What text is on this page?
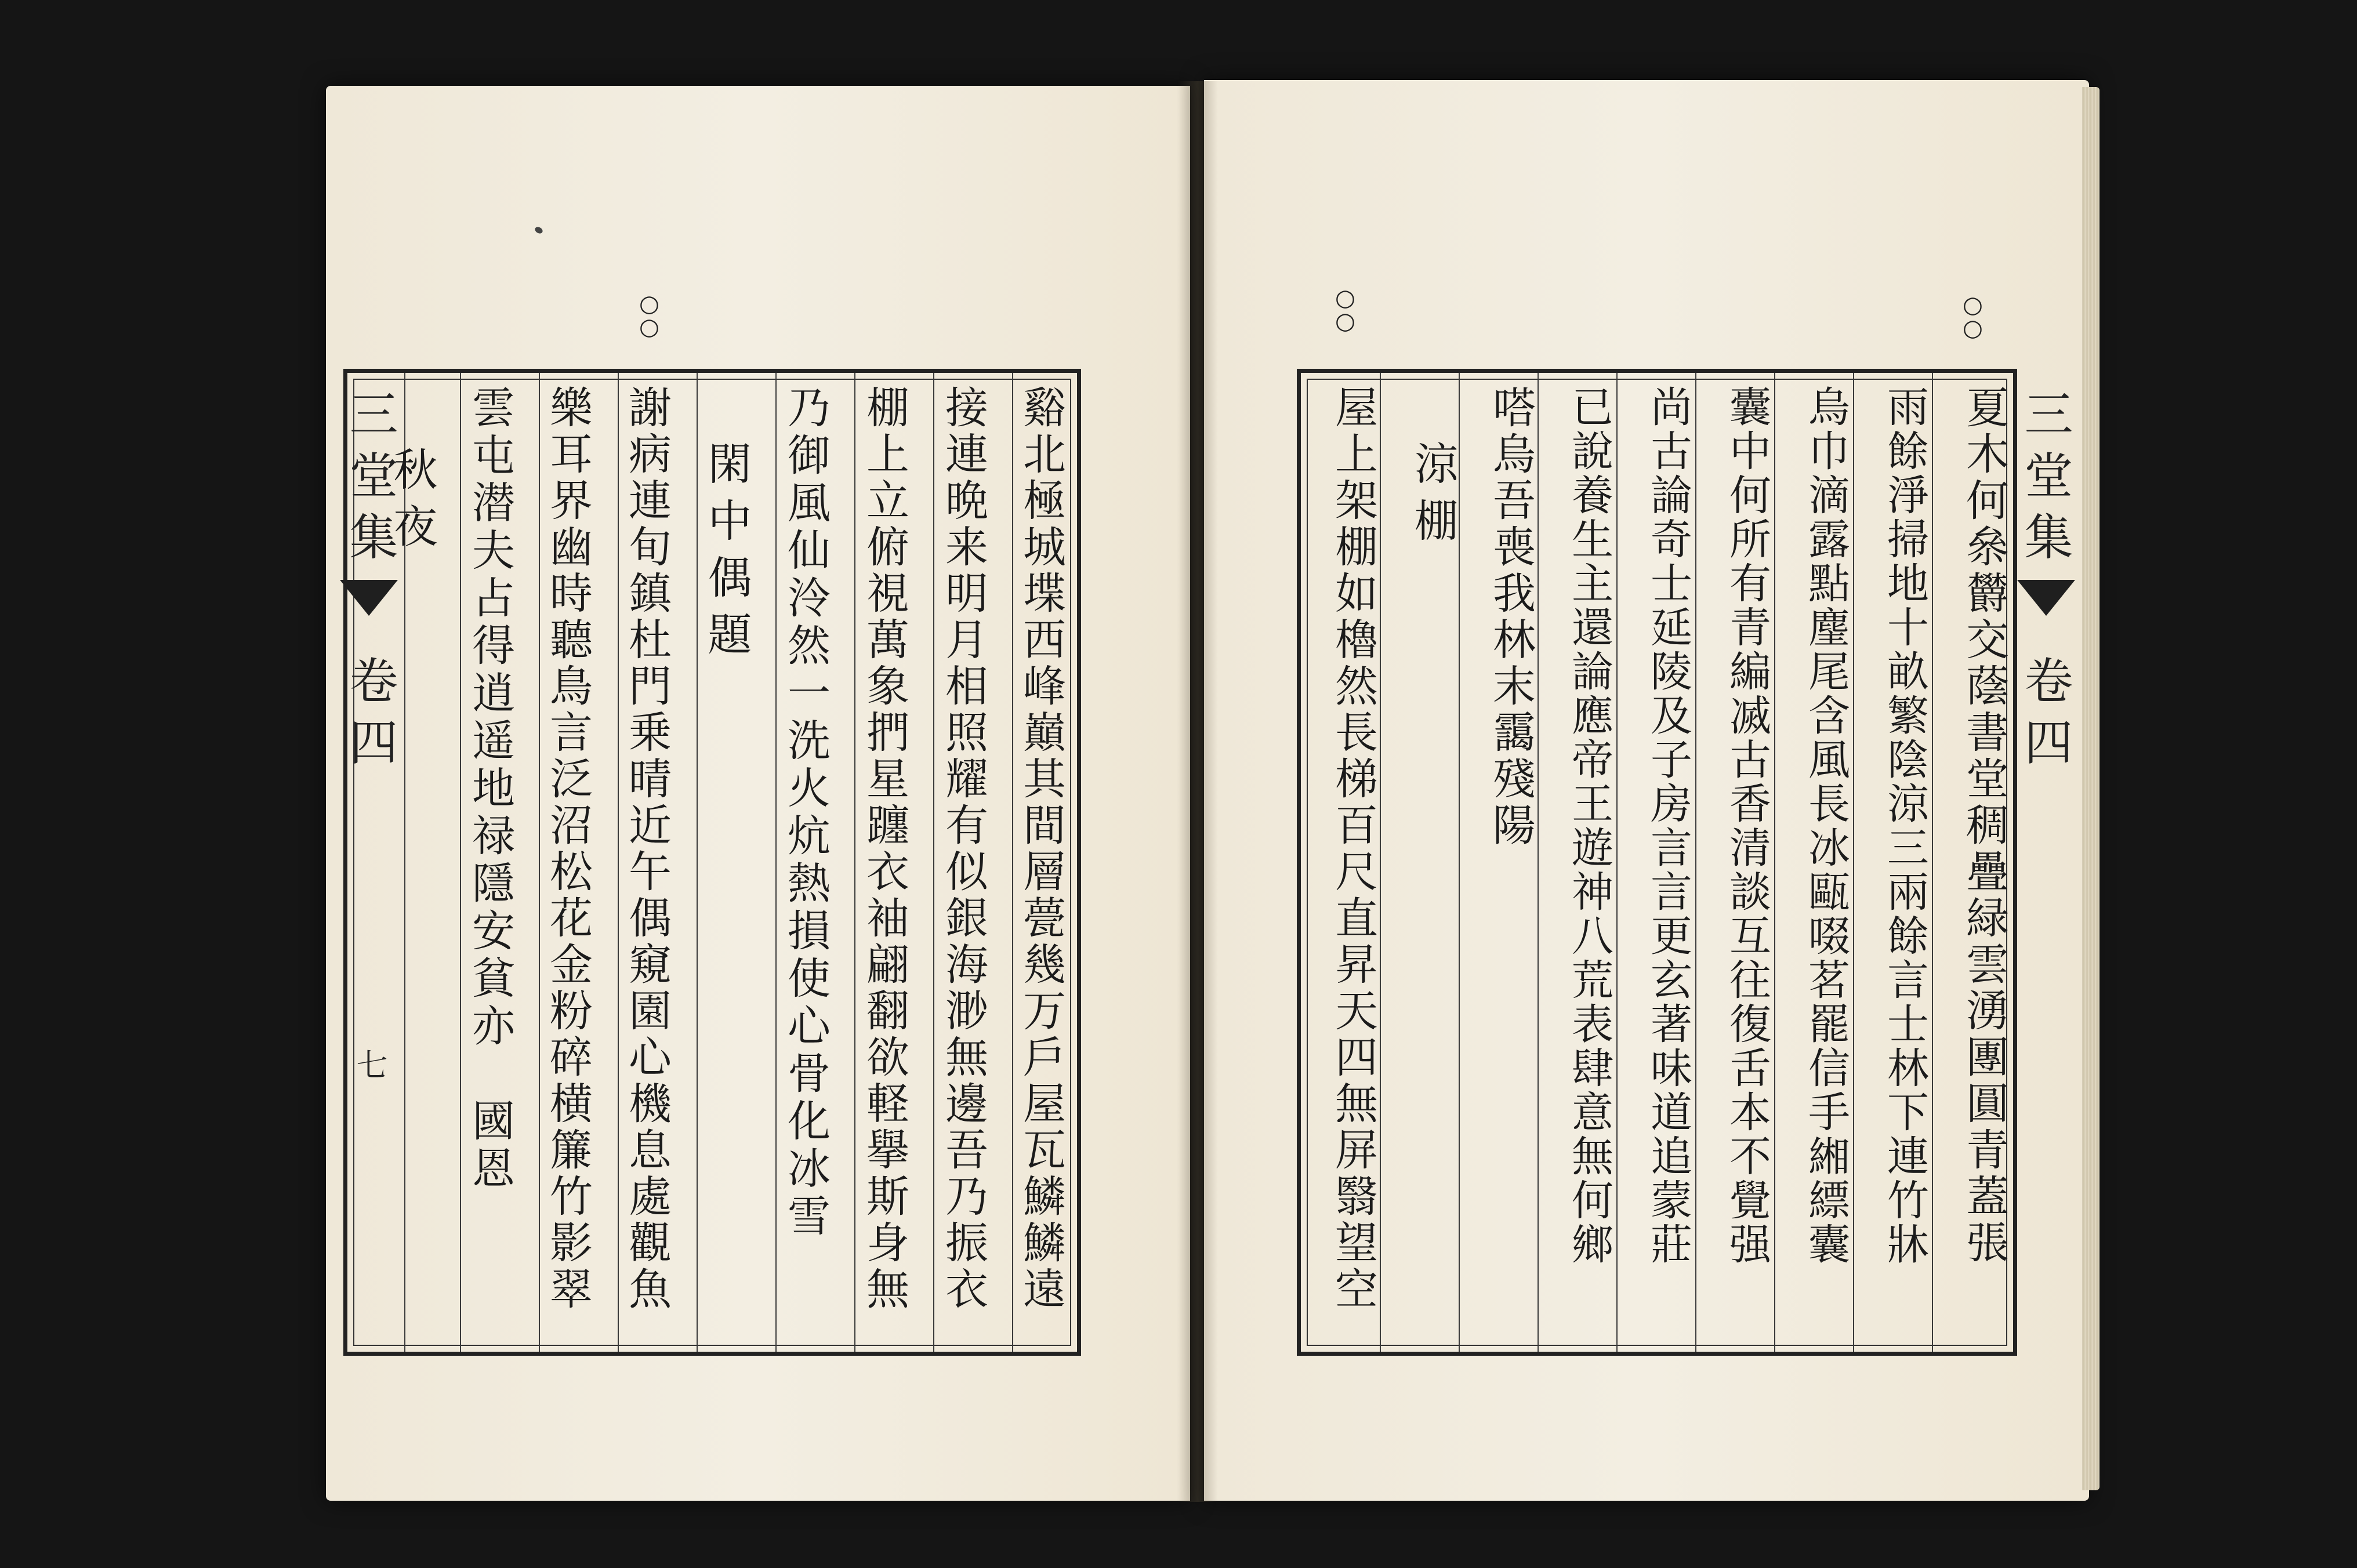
○
○
○
○
○
○
三堂集
卷四
七	谿北極城堞西峰巔其間層甍幾万戶屋瓦鱗鱗遠
接連晩来明月相照耀有似銀海渺無邊吾乃振衣
棚上立俯視萬象捫星躔衣袖翩翻欲軽擧斯身無
乃御風仙泠然一洗火炕熱損使心骨化冰雪
閑中偶題
謝病連旬鎮杜門乗晴近午偶窺園心機息處觀魚
樂耳界幽時聽鳥言泛沼松花金粉碎横簾竹影翠
雲屯潜夫占得逍遥地禄隱安貧亦　國恩
秋夜	三堂集
卷四
夏木何㕘欝交蔭書堂稠疊緑雲湧團圓青蓋張
雨餘淨掃地十畝繁陰涼三兩餘言士林下連竹牀
烏巾滴露點麈尾含風長冰甌啜茗罷信手緗縹囊
囊中何所有青編㓕古香清談互往復舌本不覺强
尚古論奇士延陵及子房言言更玄著味道追蒙莊
已說養生主還論應帝王遊神八荒表肆意無何鄉
嗒烏吾喪我林末靄殘陽
涼棚
屋上架棚如櫓然長梯百尺直昇天四無屏翳望空
